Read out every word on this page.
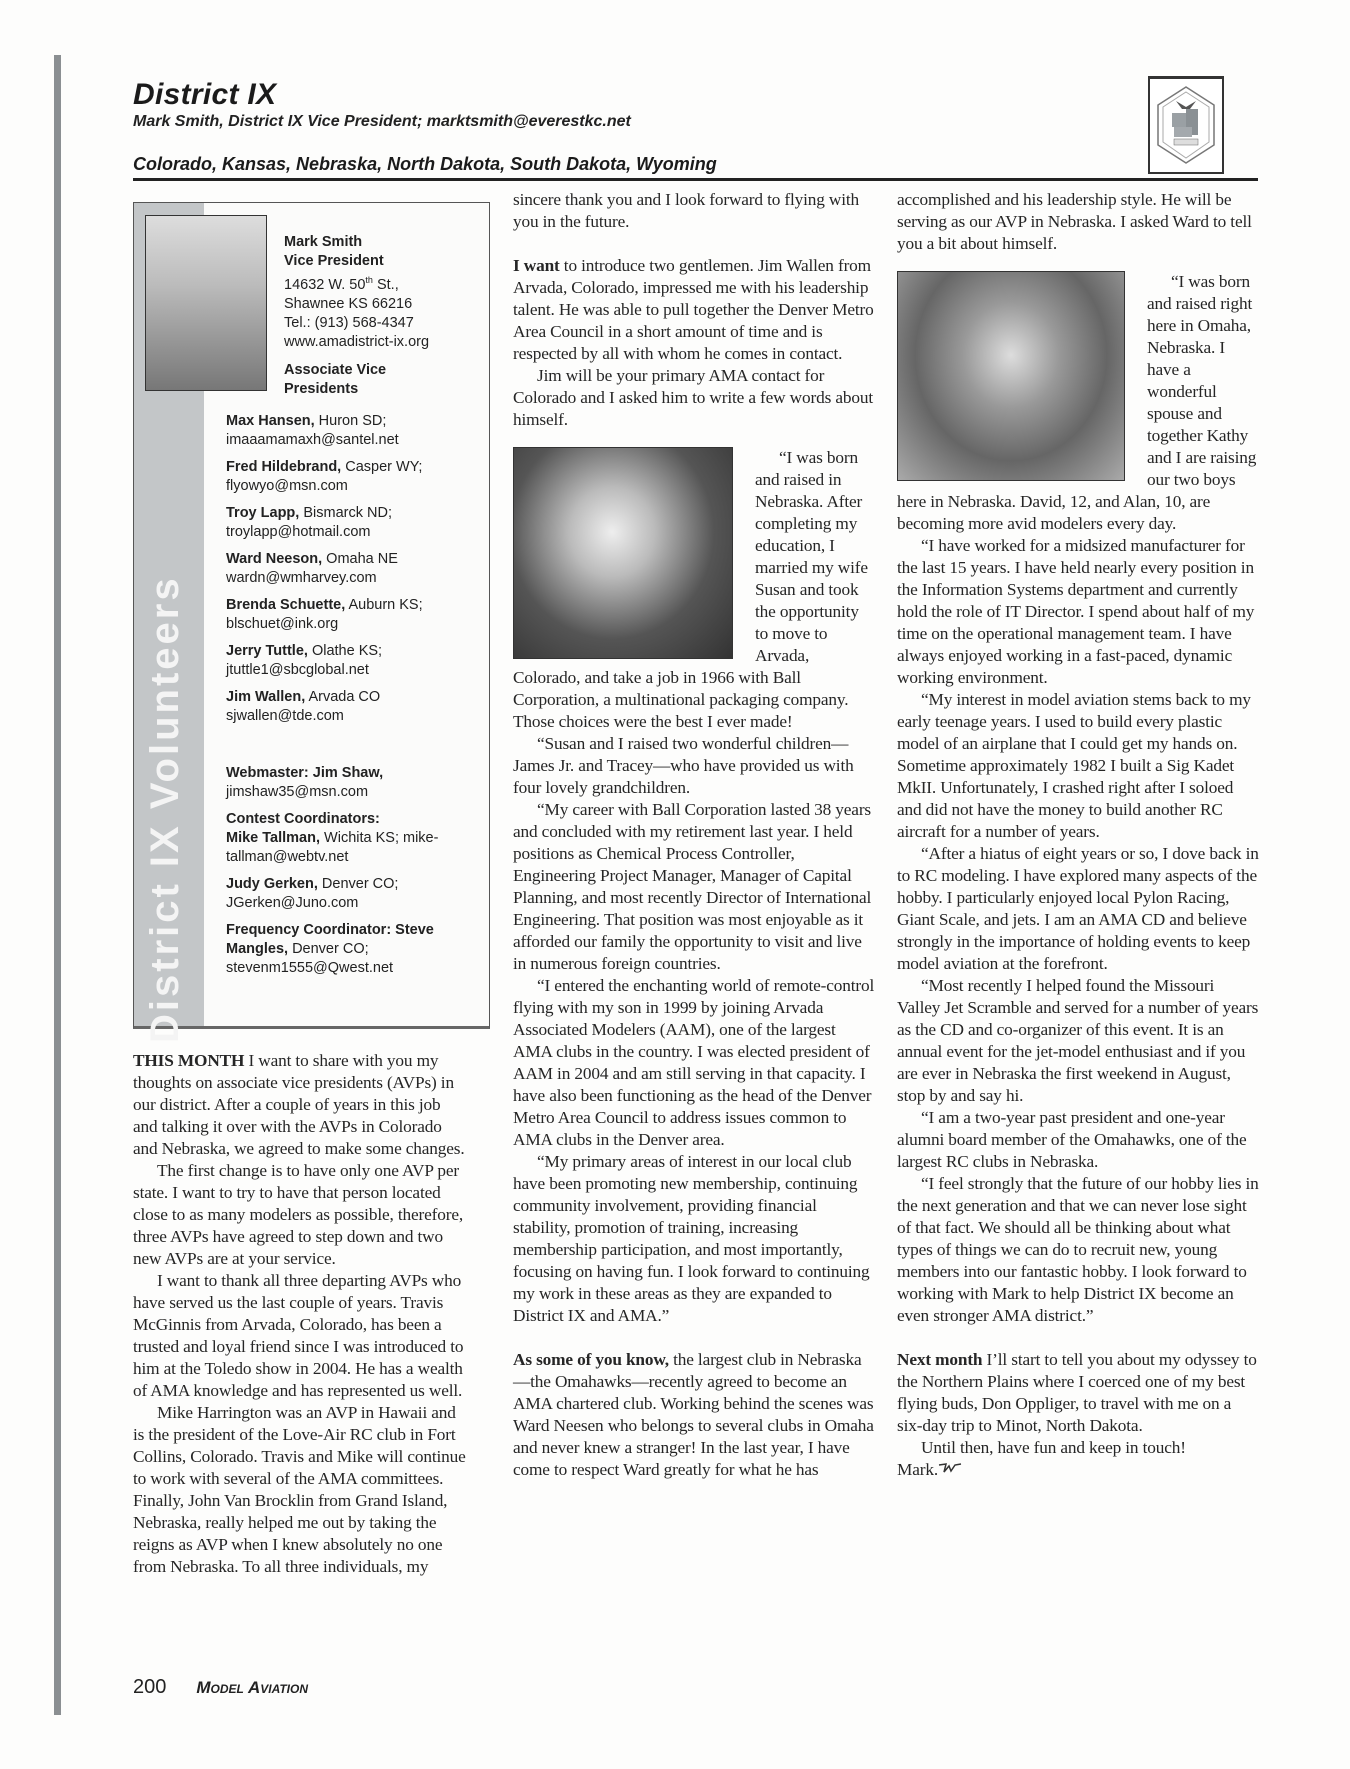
District IX
Mark Smith, District IX Vice President; marktsmith@everestkc.net
Colorado, Kansas, Nebraska, North Dakota, South Dakota, Wyoming
District IX Volunteers
Mark Smith
Vice President
14632 W. 50th St.,
Shawnee KS 66216
Tel.: (913) 568-4347
www.amadistrict-ix.org
Associate Vice Presidents
Max Hansen, Huron SD;
imaaamamaxh@santel.net
Fred Hildebrand, Casper WY;
flyowyo@msn.com
Troy Lapp, Bismarck ND;
troylapp@hotmail.com
Ward Neeson, Omaha NE
wardn@wmharvey.com
Brenda Schuette, Auburn KS;
blschuet@ink.org
Jerry Tuttle, Olathe KS;
jtuttle1@sbcglobal.net
Jim Wallen, Arvada CO
sjwallen@tde.com
Webmaster: Jim Shaw,
jimshaw35@msn.com
Contest Coordinators:
Mike Tallman, Wichita KS; mike-tallman@webtv.net
Judy Gerken, Denver CO;
JGerken@Juno.com
Frequency Coordinator: Steve Mangles, Denver CO;
stevenm1555@Qwest.net

THIS MONTH I want to share with you my thoughts on associate vice presidents (AVPs) in our district. After a couple of years in this job and talking it over with the AVPs in Colorado and Nebraska, we agreed to make some changes.

The first change is to have only one AVP per state. I want to try to have that person located close to as many modelers as possible, therefore, three AVPs have agreed to step down and two new AVPs are at your service.

I want to thank all three departing AVPs who have served us the last couple of years. Travis McGinnis from Arvada, Colorado, has been a trusted and loyal friend since I was introduced to him at the Toledo show in 2004. He has a wealth of AMA knowledge and has represented us well.

Mike Harrington was an AVP in Hawaii and is the president of the Love-Air RC club in Fort Collins, Colorado. Travis and Mike will continue to work with several of the AMA committees. Finally, John Van Brocklin from Grand Island, Nebraska, really helped me out by taking the reigns as AVP when I knew absolutely no one from Nebraska. To all three individuals, my

sincere thank you and I look forward to flying with you in the future.

I want to introduce two gentlemen. Jim Wallen from Arvada, Colorado, impressed me with his leadership talent. He was able to pull together the Denver Metro Area Council in a short amount of time and is respected by all with whom he comes in contact.

Jim will be your primary AMA contact for Colorado and I asked him to write a few words about himself.

“I was born and raised in Nebraska. After completing my education, I married my wife Susan and took the opportunity to move to Arvada, Colorado, and take a job in 1966 with Ball Corporation, a multinational packaging company. Those choices were the best I ever made!

“Susan and I raised two wonderful children—James Jr. and Tracey—who have provided us with four lovely grandchildren.

“My career with Ball Corporation lasted 38 years and concluded with my retirement last year. I held positions as Chemical Process Controller, Engineering Project Manager, Manager of Capital Planning, and most recently Director of International Engineering. That position was most enjoyable as it afforded our family the opportunity to visit and live in numerous foreign countries.

“I entered the enchanting world of remote-control flying with my son in 1999 by joining Arvada Associated Modelers (AAM), one of the largest AMA clubs in the country. I was elected president of AAM in 2004 and am still serving in that capacity. I have also been functioning as the head of the Denver Metro Area Council to address issues common to AMA clubs in the Denver area.

“My primary areas of interest in our local club have been promoting new membership, continuing community involvement, providing financial stability, promotion of training, increasing membership participation, and most importantly, focusing on having fun. I look forward to continuing my work in these areas as they are expanded to District IX and AMA.”

As some of you know, the largest club in Nebraska—the Omahawks—recently agreed to become an AMA chartered club. Working behind the scenes was Ward Neesen who belongs to several clubs in Omaha and never knew a stranger! In the last year, I have come to respect Ward greatly for what he has

accomplished and his leadership style. He will be serving as our AVP in Nebraska. I asked Ward to tell you a bit about himself.

“I was born and raised right here in Omaha, Nebraska. I have a wonderful spouse and together Kathy and I are raising our two boys here in Nebraska. David, 12, and Alan, 10, are becoming more avid modelers every day.

“I have worked for a midsized manufacturer for the last 15 years. I have held nearly every position in the Information Systems department and currently hold the role of IT Director. I spend about half of my time on the operational management team. I have always enjoyed working in a fast-paced, dynamic working environment.

“My interest in model aviation stems back to my early teenage years. I used to build every plastic model of an airplane that I could get my hands on. Sometime approximately 1982 I built a Sig Kadet MkII. Unfortunately, I crashed right after I soloed and did not have the money to build another RC aircraft for a number of years.

“After a hiatus of eight years or so, I dove back in to RC modeling. I have explored many aspects of the hobby. I particularly enjoyed local Pylon Racing, Giant Scale, and jets. I am an AMA CD and believe strongly in the importance of holding events to keep model aviation at the forefront.

“Most recently I helped found the Missouri Valley Jet Scramble and served for a number of years as the CD and co-organizer of this event. It is an annual event for the jet-model enthusiast and if you are ever in Nebraska the first weekend in August, stop by and say hi.

“I am a two-year past president and one-year alumni board member of the Omahawks, one of the largest RC clubs in Nebraska.

“I feel strongly that the future of our hobby lies in the next generation and that we can never lose sight of that fact. We should all be thinking about what types of things we can do to recruit new, young members into our fantastic hobby. I look forward to working with Mark to help District IX become an even stronger AMA district.”

Next month I’ll start to tell you about my odyssey to the Northern Plains where I coerced one of my best flying buds, Don Oppliger, to travel with me on a six-day trip to Minot, North Dakota.

Until then, have fun and keep in touch!

Mark.

200 Model Aviation
